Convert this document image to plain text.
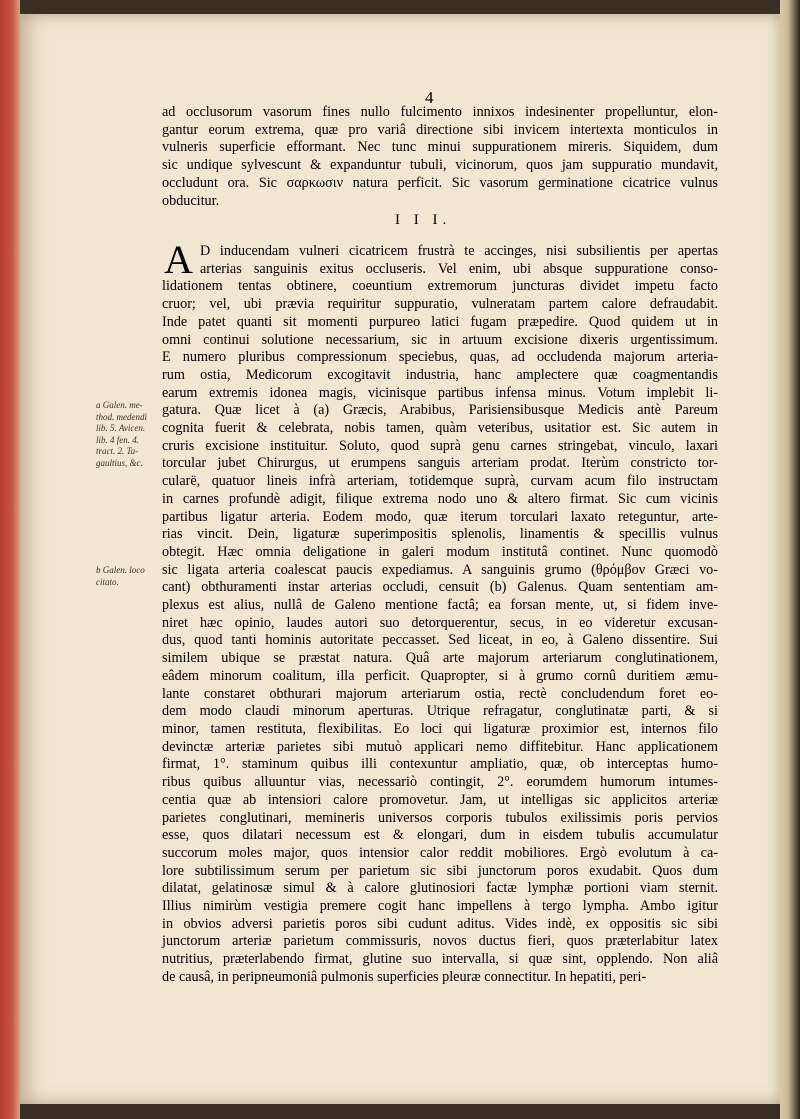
4
ad occlusorum vasorum fines nullo fulcimento innixos indesinenter propelluntur, elon-
gantur eorum extrema, quæ pro variâ directione sibi invicem intertexta monticulos in
vulneris superficie efformant. Nec tunc minui suppurationem mireris. Siquidem, dum
sic undique sylvescunt & expanduntur tubuli, vicinorum, quos jam suppuratio mundavit,
occludunt ora. Sic σαρκωσιν natura perficit. Sic vasorum germinatione cicatrice vulnus
obducitur.
I I I.
A D inducendam vulneri cicatricem frustrà te accinges, nisi subsilientis per apertas
arterias sanguinis exitus occluseris. Vel enim, ubi absque suppuratione conso-
lidationem tentas obtinere, coeuntium extremorum juncturas dividet impetu facto
cruor; vel, ubi prævia requiritur suppuratio, vulneratam partem calore defraudabit.
Inde patet quanti sit momenti purpureo latici fugam præpedire. Quod quidem ut in
omni continui solutione necessarium, sic in artuum excisione dixeris urgentissimum.
E numero pluribus compressionum speciebus, quas, ad occludenda majorum arteria-
rum ostia, Medicorum excogitavit industria, hanc amplectere quæ coagmentandis
earum extremis idonea magis, vicinisque partibus infensa minus. Votum implebit li-
gatura. Quæ licet à (a) Græcis, Arabibus, Parisiensibusque Medicis antè Pareum
cognita fuerit & celebrata, nobis tamen, quàm veteribus, usitatior est. Sic autem in
cruris excisione instituitur. Soluto, quod suprà genu carnes stringebat, vinculo, laxari
torcular jubet Chirurgus, ut erumpens sanguis arteriam prodat. Iterùm constricto tor-
cularë, quatuor lineis infrà arteriam, totidemque suprà, curvam acum filo instructam
in carnes profundè adigit, filique extrema nodo uno & altero firmat. Sic cum vicinis
partibus ligatur arteria. Eodem modo, quæ iterum torculari laxato reteguntur, arte-
rias vincit. Dein, ligaturæ superimpositis splenolis, linamentis & specillis vulnus
obtegit. Hæc omnia deligatione in galeri modum institutâ continet. Nunc quomodò
sic ligata arteria coalescat paucis expediamus. A sanguinis grumo (θρόμβον Græci vo-
cant) obthuramenti instar arterias occludi, censuit (b) Galenus. Quam sententiam am-
plexus est alius, nullâ de Galeno mentione factâ; ea forsan mente, ut, si fidem inve-
niret hæc opinio, laudes autori suo detorquerentur, secus, in eo videretur excusan-
dus, quod tanti hominis autoritate peccasset. Sed liceat, in eo, à Galeno dissentire. Sui
similem ubique se præstat natura. Quâ arte majorum arteriarum conglutinationem,
eâdem minorum coalitum, illa perficit. Quapropter, si à grumo cornû duritiem æmu-
lante constaret obthurari majorum arteriarum ostia, rectè concludendum foret eo-
dem modo claudi minorum aperturas. Utrique refragatur, conglutinatæ parti, & si
minor, tamen restituta, flexibilitas. Eo loci qui ligaturæ proximior est, internos filo
devinctæ arteriæ parietes sibi mutuò applicari nemo diffitebitur. Hanc applicationem
firmat, 1°. staminum quibus illi contexuntur ampliatio, quæ, ob interceptas humo-
ribus quibus alluuntur vias, necessariò contingit, 2°. eorumdem humorum intumes-
centia quæ ab intensiori calore promovetur. Jam, ut intelligas sic applicitos arteriæ
parietes conglutinari, memineris universos corporis tubulos exilissimis poris pervios
esse, quos dilatari necessum est & elongari, dum in eisdem tubulis accumulatur
succorum moles major, quos intensior calor reddit mobiliores. Ergò evolutum à ca-
lore subtilissimum serum per parietum sic sibi junctorum poros exudabit. Quos dum
dilatat, gelatinosæ simul & à calore glutinosiori factæ lymphæ portioni viam sternit.
Illius nimirùm vestigia premere cogit hanc impellens à tergo lympha. Ambo igitur
in obvios adversi parietis poros sibi cudunt aditus. Vides indè, ex oppositis sic sibi
junctorum arteriæ parietum commissuris, novos ductus fieri, quos præterlabitur latex
nutritius, præterlabendo firmat, glutine suo intervalla, si quæ sint, opplendo. Non aliâ
de causâ, in peripneumoniâ pulmonis superficies pleuræ connectitur. In hepatiti, peri-
a Galen. me-
thod. medendi
lib. 5. Avicen.
lib. 4 fen. 4.
tract. 2. Ta-
gaultius, &c.
b Galen. loco
citato.
